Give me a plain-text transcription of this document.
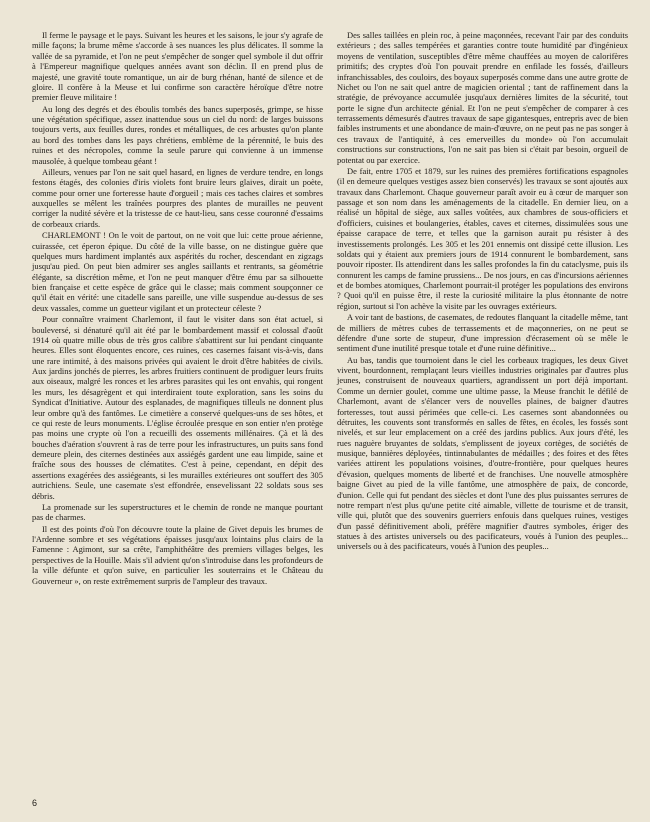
Il ferme le paysage et le pays. Suivant les heures et les saisons, le jour s'y agrafe de mille façons; la brume même s'accorde à ses nuances les plus délicates. Il somme la vallée de sa pyramide, et l'on ne peut s'empêcher de songer quel symbole il dut offrir à l'Empereur magnifique quelques années avant son déclin. Il en prend plus de majesté, une gravité toute romantique, un air de burg rhénan, hanté de silence et de gloire. Il confère à la Meuse et lui confirme son caractère héroïque d'être notre premier fleuve militaire !

Au long des degrés et des éboulis tombés des bancs superposés, grimpe, se hisse une végétation spécifique, assez inattendue sous un ciel du nord: de larges buissons toujours verts, aux feuilles dures, rondes et métalliques, de ces arbustes qu'on plante au bord des tombes dans les pays chrétiens, emblème de la pérennité, le buis des ruines et des nécropoles, comme la seule parure qui convienne à un immense mausolée, à quelque tombeau géant !

Ailleurs, venues par l'on ne sait quel hasard, en lignes de verdure tendre, en longs festons étagés, des colonies d'iris violets font bruire leurs glaives, dirait un poète, comme pour orner une forteresse haute d'orgueil ; mais ces taches claires et sombres auxquelles se mêlent les traînées pourpres des plantes de murailles ne peuvent corriger la nudité sévère et la tristesse de ce haut-lieu, sans cesse couronné d'essaims de corbeaux criards.

CHARLEMONT ! On le voit de partout, on ne voit que lui: cette proue aérienne, cuirassée, cet éperon épique. Du côté de la ville basse, on ne distingue guère que quelques murs hardiment implantés aux aspérités du rocher, descendant en zigzags jusqu'au pied. On peut bien admirer ses angles saillants et rentrants, sa géométrie élégante, sa discrétion même, et l'on ne peut manquer d'être ému par sa silhouette bien française et cette espèce de grâce qui le classe; mais comment soupçonner ce qu'il était en vérité: une citadelle sans pareille, une ville suspendue au-dessus de ses deux vassales, comme un guetteur vigilant et un protecteur céleste ?

Pour connaître vraiment Charlemont, il faut le visiter dans son état actuel, si bouleversé, si dénaturé qu'il ait été par le bombardement massif et colossal d'août 1914 où quatre mille obus de très gros calibre s'abattirent sur lui pendant cinquante heures. Elles sont éloquentes encore, ces ruines, ces casernes faisant vis-à-vis, dans une rare intimité, à des maisons privées qui avaient le droit d'être habitées de civils. Aux jardins jonchés de pierres, les arbres fruitiers continuent de prodiguer leurs fruits aux oiseaux, malgré les ronces et les arbres parasites qui les ont envahis, qui rongent les murs, les désagrègent et qui interdiraient toute exploration, sans les soins du Syndicat d'Initiative. Autour des esplanades, de magnifiques tilleuls ne donnent plus leur ombre qu'à des fantômes. Le cimetière a conservé quelques-uns de ses hôtes, et ce qui reste de leurs monuments. L'église écroulée presque en son entier n'en protège pas moins une crypte où l'on a recueilli des ossements millénaires. Çà et là des bouches d'aération s'ouvrent à ras de terre pour les infrastructures, un puits sans fond demeure plein, des citernes destinées aux assiégés gardent une eau limpide, saine et fraîche sous des housses de clématites. C'est à peine, cependant, en dépit des assertions exagérées des assiégeants, si les murailles extérieures ont souffert des 305 autrichiens. Seule, une casemate s'est effondrée, ensevelissant 22 soldats sous ses débris.

La promenade sur les superstructures et le chemin de ronde ne manque pourtant pas de charmes.

Il est des points d'où l'on découvre toute la plaine de Givet depuis les brumes de l'Ardenne sombre et ses végétations épaisses jusqu'aux lointains plus clairs de la Famenne : Agimont, sur sa crête, l'amphithéâtre des premiers villages belges, les perspectives de la Houille. Mais s'il advient qu'on s'introduise dans les profondeurs de la ville défunte et qu'on suive, en particulier les souterrains et le Château du Gouverneur », on reste extrêmement surpris de l'ampleur des travaux.

Des salles taillées en plein roc, à peine maçonnées, recevant l'air par des conduits extérieurs ; des salles tempérées et garanties contre toute humidité par d'ingénieux moyens de ventilation, susceptibles d'être même chauffées au moyen de calorifères primitifs; des cryptes d'où l'on pouvait prendre en enfilade les fossés, d'ailleurs infranchissables, des couloirs, des boyaux superposés comme dans une autre grotte de Nichet ou l'on ne sait quel antre de magicien oriental ; tant de raffinement dans la stratégie, de prévoyance accumulée jusqu'aux dernières limites de la sécurité, tout porte le signe d'un architecte génial. Et l'on ne peut s'empêcher de comparer à ces terrassements démesurés d'autres travaux de sape gigantesques, entrepris avec de bien faibles instruments et une abondance de main-d'œuvre, on ne peut pas ne pas songer à ces travaux de l'antiquité, à ces emerveilles du monde» où l'on accumulait constructions sur constructions, l'on ne sait pas bien si c'était par besoin, orgueil de potentat ou par exercice.

De fait, entre 1705 et 1879, sur les ruines des premières fortifications espagnoles (il en demeure quelques vestiges assez bien conservés) les travaux se sont ajoutés aux travaux dans Charlemont. Chaque gouverneur paraît avoir eu à cœur de marquer son passage et son nom dans les aménagements de la citadelle. En dernier lieu, on a réalisé un hôpital de siège, aux salles voûtées, aux chambres de sous-officiers et d'officiers, cuisines et boulangeries, étables, caves et citernes, dissimulées sous une épaisse carapace de terre, et telles que la garnison aurait pu résister à des investissements prolongés. Les 305 et les 201 ennemis ont dissipé cette illusion. Les soldats qui y étaient aux premiers jours de 1914 connurent le bombardement, sans pouvoir riposter. Ils attendirent dans les salles profondes la fin du cataclysme, puis ils connurent les camps de famine prussiens... De nos jours, en cas d'incursions aériennes et de bombes atomiques, Charlemont pourrait-il protéger les populations des environs ? Quoi qu'il en puisse être, il reste la curiosité militaire la plus étonnante de notre région, surtout si l'on achève la visite par les ouvrages extérieurs.

A voir tant de bastions, de casemates, de redoutes flanquant la citadelle même, tant de milliers de mètres cubes de terrassements et de maçonneries, on ne peut se défendre d'une sorte de stupeur, d'une impression d'écrasement où se mêle le sentiment d'une inutilité presque totale et d'une ruine définitive...

Au bas, tandis que tournoient dans le ciel les corbeaux tragiques, les deux Givet vivent, bourdonnent, remplaçant leurs vieilles industries originales par d'autres plus jeunes, construisent de nouveaux quartiers, agrandissent un port déjà important. Comme un dernier goulet, comme une ultime passe, la Meuse franchit le défilé de Charlemont, avant de s'élancer vers de nouvelles plaines, de baigner d'autres forteresses, tout aussi périmées que celle-ci. Les casernes sont abandonnées ou détruites, les couvents sont transformés en salles de fêtes, en écoles, les fossés sont nivelés, et sur leur emplacement on a créé des jardins publics. Aux jours d'été, les rues naguère bruyantes de soldats, s'emplissent de joyeux cortèges, de sociétés de musique, bannières déployées, tintinnabulantes de médailles ; des foires et des fêtes variées attirent les populations voisines, d'outre-frontière, pour quelques heures d'évasion, quelques moments de liberté et de franchises. Une nouvelle atmosphère baigne Givet au pied de la ville fantôme, une atmosphère de paix, de concorde, d'union. Celle qui fut pendant des siècles et dont l'une des plus puissantes serrures de notre rempart n'est plus qu'une petite cité aimable, villette de tourisme et de transit, ville qui, plutôt que des souvenirs guerriers enfouis dans quelques ruines, vestiges d'un passé définitivement aboli, préfère magnifier d'autres symboles, ériger des statues à des artistes universels ou des pacificateurs, voués à l'union des peuples... universels ou à des pacificateurs, voués à l'union des peuples...

6
